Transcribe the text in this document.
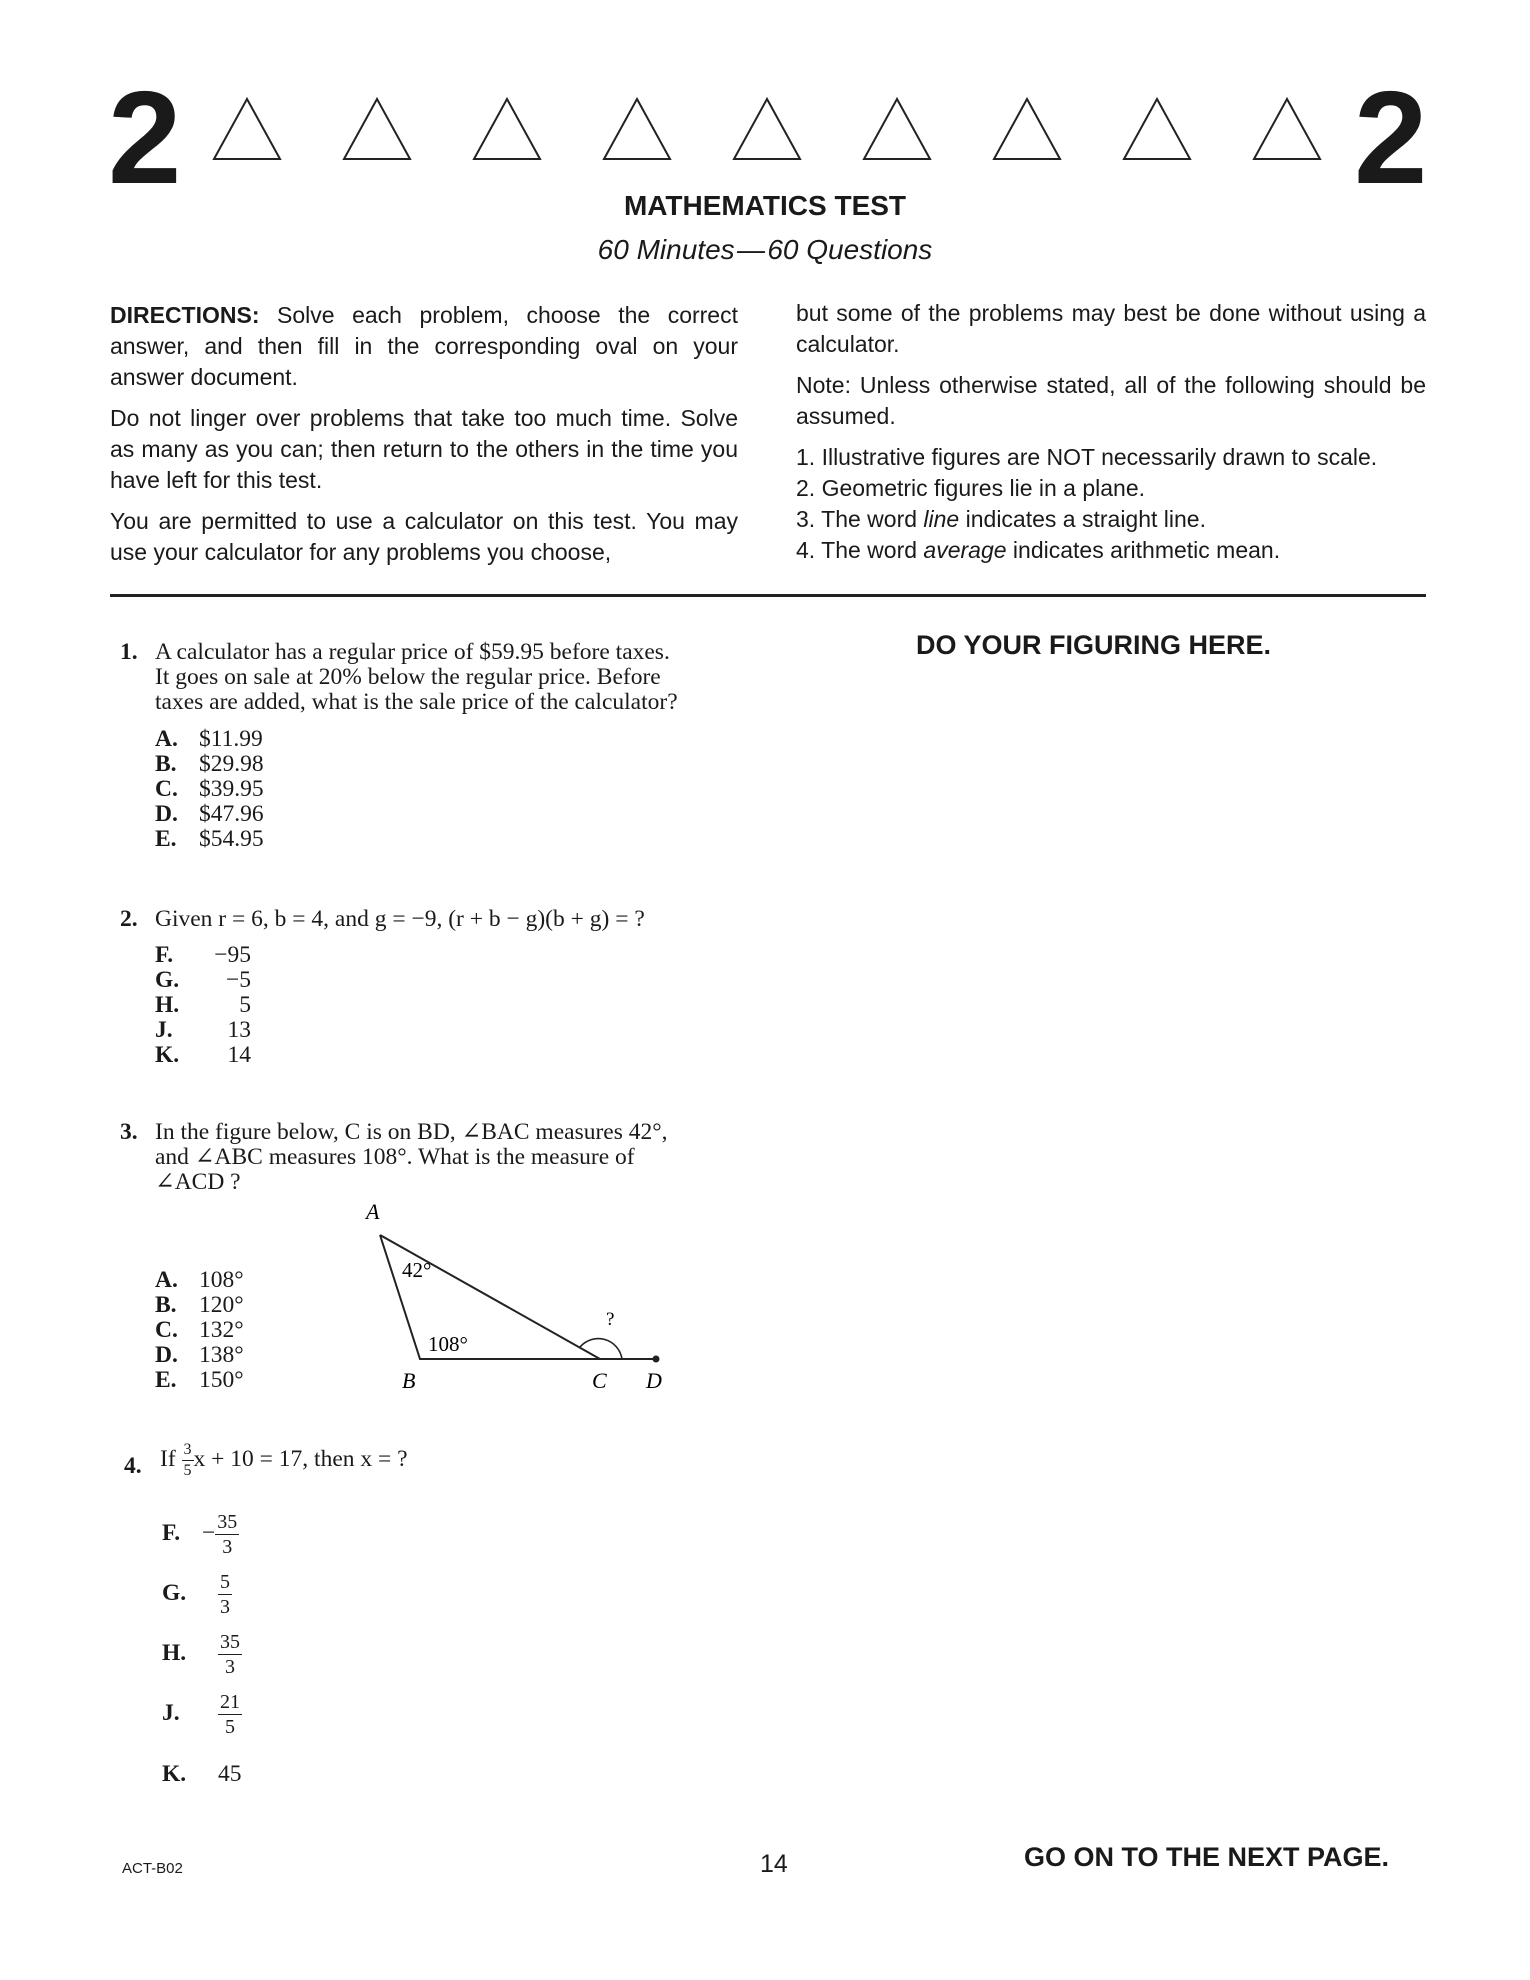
2	2
MATHEMATICS TEST
60 Minutes — 60 Questions

DIRECTIONS: Solve each problem, choose the correct answer, and then fill in the corresponding oval on your answer document.

Do not linger over problems that take too much time. Solve as many as you can; then return to the others in the time you have left for this test.

You are permitted to use a calculator on this test. You may use your calculator for any problems you choose,

but some of the problems may best be done without using a calculator.

Note: Unless otherwise stated, all of the following should be assumed.

1. Illustrative figures are NOT necessarily drawn to scale.
2. Geometric figures lie in a plane.
3. The word line indicates a straight line.
4. The word average indicates arithmetic mean.
DO YOUR FIGURING HERE.
1. A calculator has a regular price of $59.95 before taxes.
It goes on sale at 20% below the regular price. Before
taxes are added, what is the sale price of the calculator?
A. $11.99
B. $29.98
C. $39.95
D. $47.96
E. $54.95
2. Given r = 6, b = 4, and g = −9, (r + b − g)(b + g) = ?
F. −95
G. −5
H.	5
J. 13
K. 14
3. In the figure below, C is on BD, ∠BAC measures 42°,
and ∠ABC measures 108°. What is the measure of
∠ACD ?
A. 108°
B. 120°
C. 132°
D. 138°
E. 150°
A
B	C D
42°
108°
?
4. If $\frac{3}{5}$ x + 10 = 17, then x = ?
F. − $\frac{35}{3}$
G. $\frac{5}{3}$
H. $\frac{35}{3}$
J. $\frac{21}{5}$
K. 45
ACT-B02	14	GO ON TO THE NEXT PAGE.
